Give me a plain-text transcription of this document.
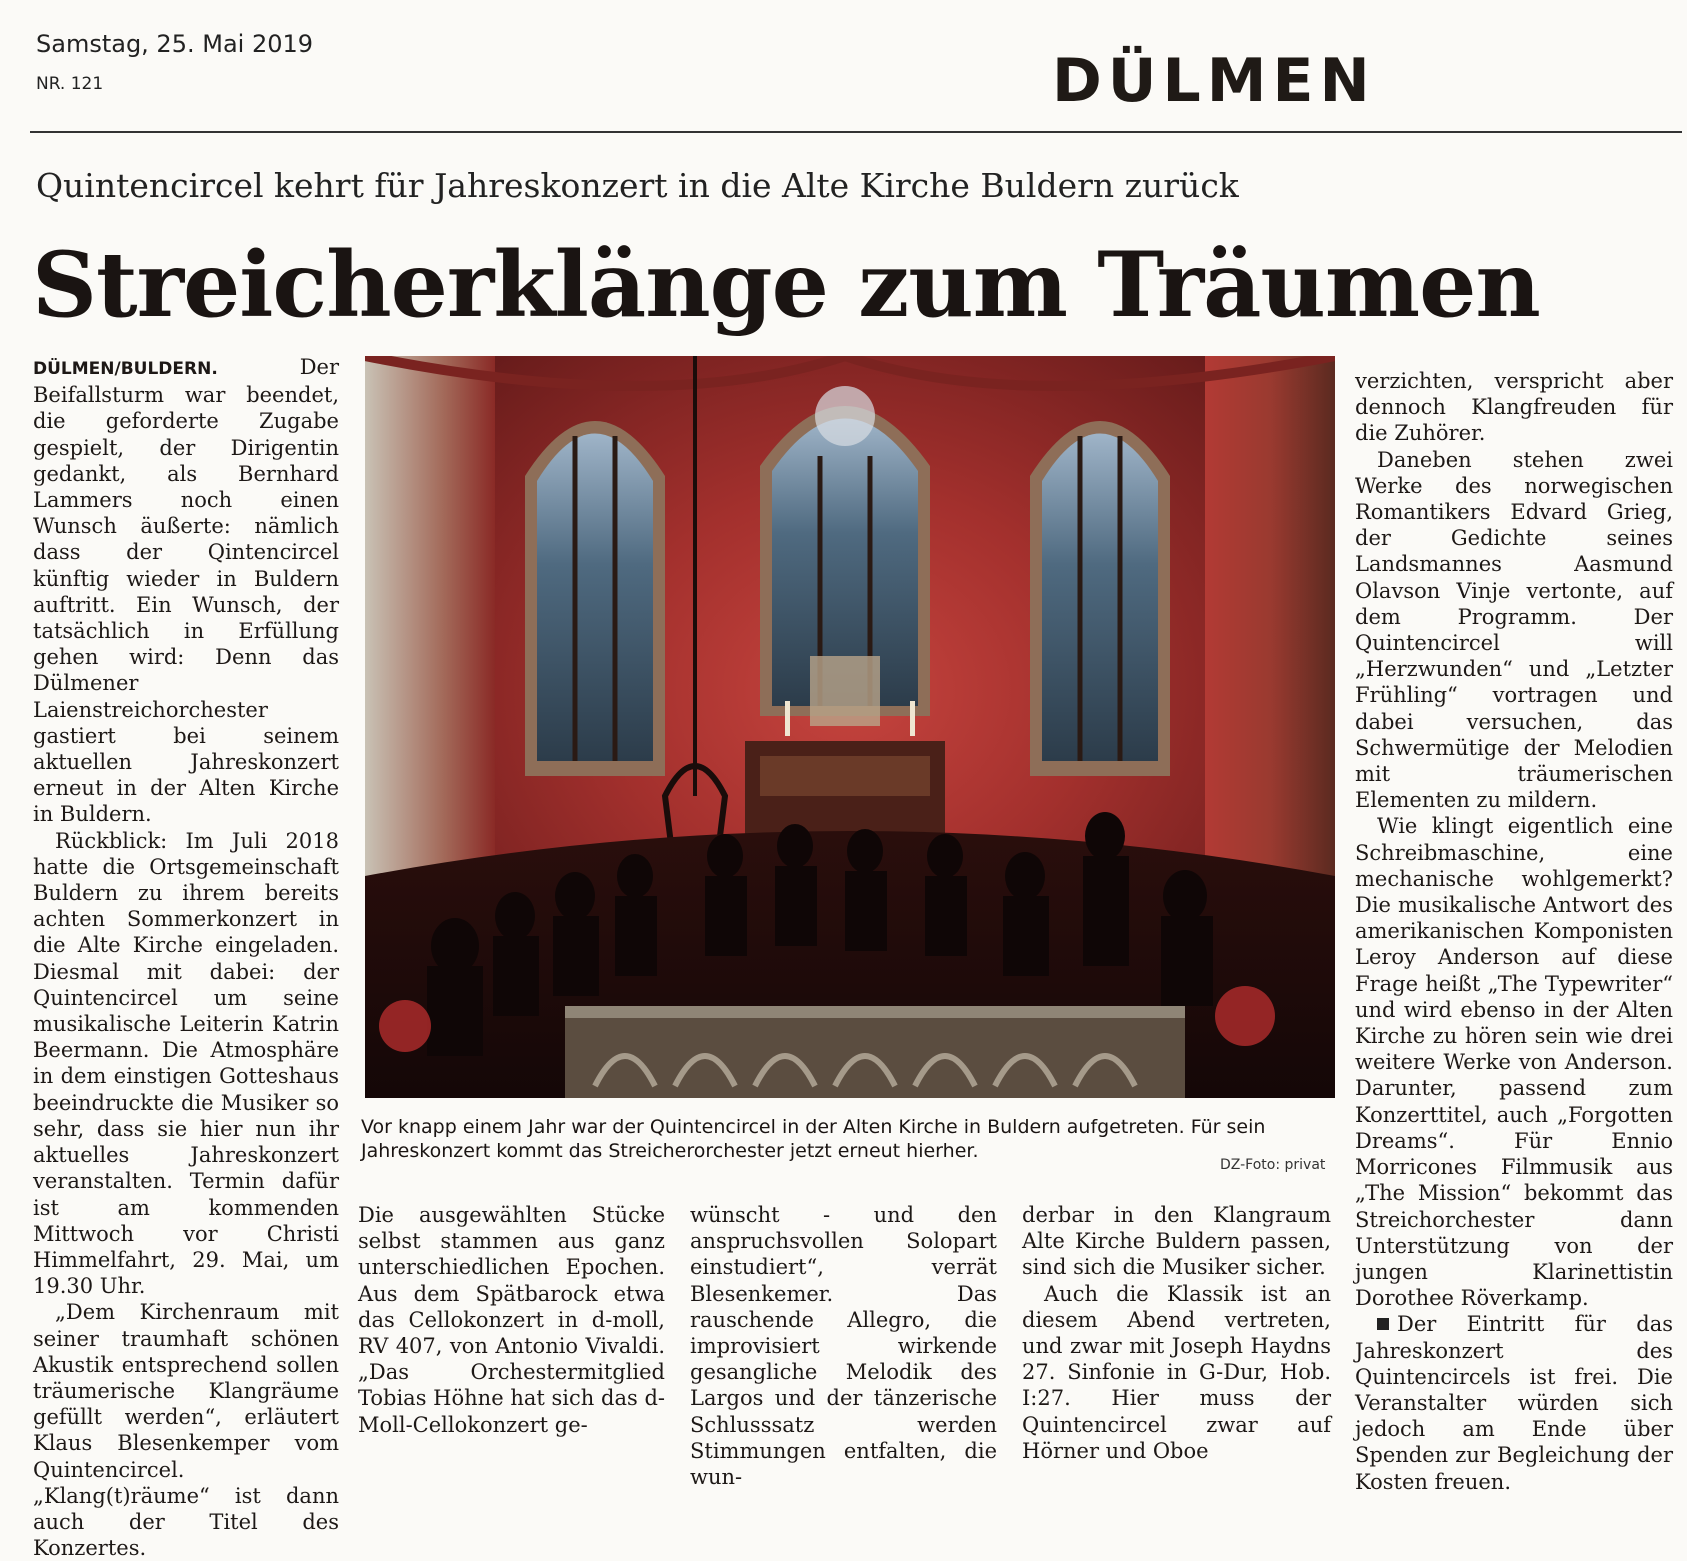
Samstag, 25. Mai 2019
NR. 121	DÜLMEN
Quintencircel kehrt für Jahreskonzert in die Alte Kirche Buldern zurück
Streicherklänge zum Träumen

DÜLMEN/BULDERN.	Der Beifallsturm war beendet, die geforderte Zugabe gespielt, der Dirigentin gedankt, als Bernhard Lammers noch einen Wunsch äußerte: nämlich dass der Qintencircel künftig wieder in Buldern auftritt. Ein Wunsch, der tatsächlich in Erfüllung gehen wird: Denn das Dülmener Laienstreichorchester gastiert bei seinem aktuellen Jahreskonzert erneut in der Alten Kirche in Buldern.

Rückblick: Im Juli 2018 hatte die Ortsgemeinschaft Buldern zu ihrem bereits achten Sommerkonzert in die Alte Kirche eingeladen. Diesmal mit dabei: der Quintencircel um seine musikalische Leiterin Katrin Beermann. Die Atmosphäre in dem einstigen Gotteshaus beeindruckte die Musiker so sehr, dass sie hier nun ihr aktuelles Jahreskonzert veranstalten. Termin dafür ist am kommenden Mittwoch vor Christi Himmelfahrt, 29. Mai, um 19.30 Uhr.

„Dem Kirchenraum mit seiner traumhaft schönen Akustik entsprechend sollen träumerische Klangräume gefüllt werden“, erläutert Klaus Blesenkemper vom Quintencircel. „Klang(t)räume“ ist dann auch der Titel des Konzertes.

Vor knapp einem Jahr war der Quintencircel in der Alten Kirche in Buldern aufgetreten. Für sein Jahreskonzert kommt das Streicherorchester jetzt erneut hierher.
DZ-Foto: privat

Die ausgewählten Stücke selbst stammen aus ganz unterschiedlichen Epochen. Aus dem Spätbarock etwa das Cellokonzert in d-moll, RV 407, von Antonio Vivaldi. „Das Orchestermitglied Tobias Höhne hat sich das d-Moll-Cellokonzert ge-

wünscht - und den anspruchsvollen Solopart einstudiert“, verrät Blesenkemer. Das rauschende Allegro, die improvisiert wirkende gesangliche Melodik des Largos und der tänzerische Schlusssatz werden Stimmungen entfalten, die wun-

derbar in den Klangraum Alte Kirche Buldern passen, sind sich die Musiker sicher.

Auch die Klassik ist an diesem Abend vertreten, und zwar mit Joseph Haydns 27. Sinfonie in G-Dur, Hob. I:27. Hier muss der Quintencircel zwar auf Hörner und Oboe

verzichten, verspricht aber dennoch Klangfreuden für die Zuhörer.

Daneben stehen zwei Werke des norwegischen Romantikers Edvard Grieg, der Gedichte seines Landsmannes Aasmund Olavson Vinje vertonte, auf dem Programm. Der Quintencircel will „Herzwunden“ und „Letzter Frühling“ vortragen und dabei versuchen, das Schwermütige der Melodien mit träumerischen Elementen zu mildern.

Wie klingt eigentlich eine Schreibmaschine, eine mechanische wohlgemerkt? Die musikalische Antwort des amerikanischen Komponisten Leroy Anderson auf diese Frage heißt „The Typewriter“ und wird ebenso in der Alten Kirche zu hören sein wie drei weitere Werke von Anderson. Darunter, passend zum Konzerttitel, auch „Forgotten Dreams“. Für Ennio Morricones Filmmusik aus „The Mission“ bekommt das Streichorchester dann Unterstützung von der jungen Klarinettistin Dorothee Röverkamp.

Der Eintritt für das Jahreskonzert des Quintencircels ist frei. Die Veranstalter würden sich jedoch am Ende über Spenden zur Begleichung der Kosten freuen.
